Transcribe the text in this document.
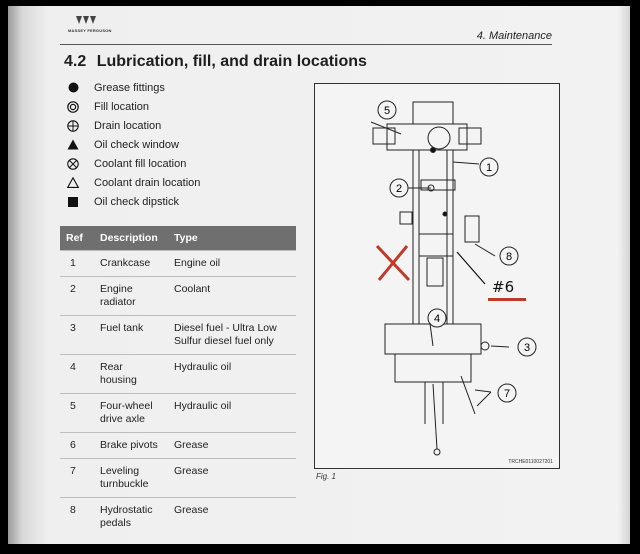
MASSEY FERGUSON	4. Maintenance
4.2 Lubrication, fill, and drain locations
Grease fittings
Fill location
Drain location
Oil check window
Coolant fill location
Coolant drain location
Oil check dipstick
Ref	Description	Type
1	Crankcase	Engine oil
2	Engine radiator	Coolant
3	Fuel tank	Diesel fuel - Ultra Low Sulfur diesel fuel only
4	Rear housing	Hydraulic oil
5	Four-wheel drive axle	Hydraulic oil
6	Brake pivots	Grease
7	Leveling turnbuckle	Grease
8	Hydrostatic pedals	Grease
5
1
2
8
4
3
7
TRCHE0110027201
Fig. 1
#6
